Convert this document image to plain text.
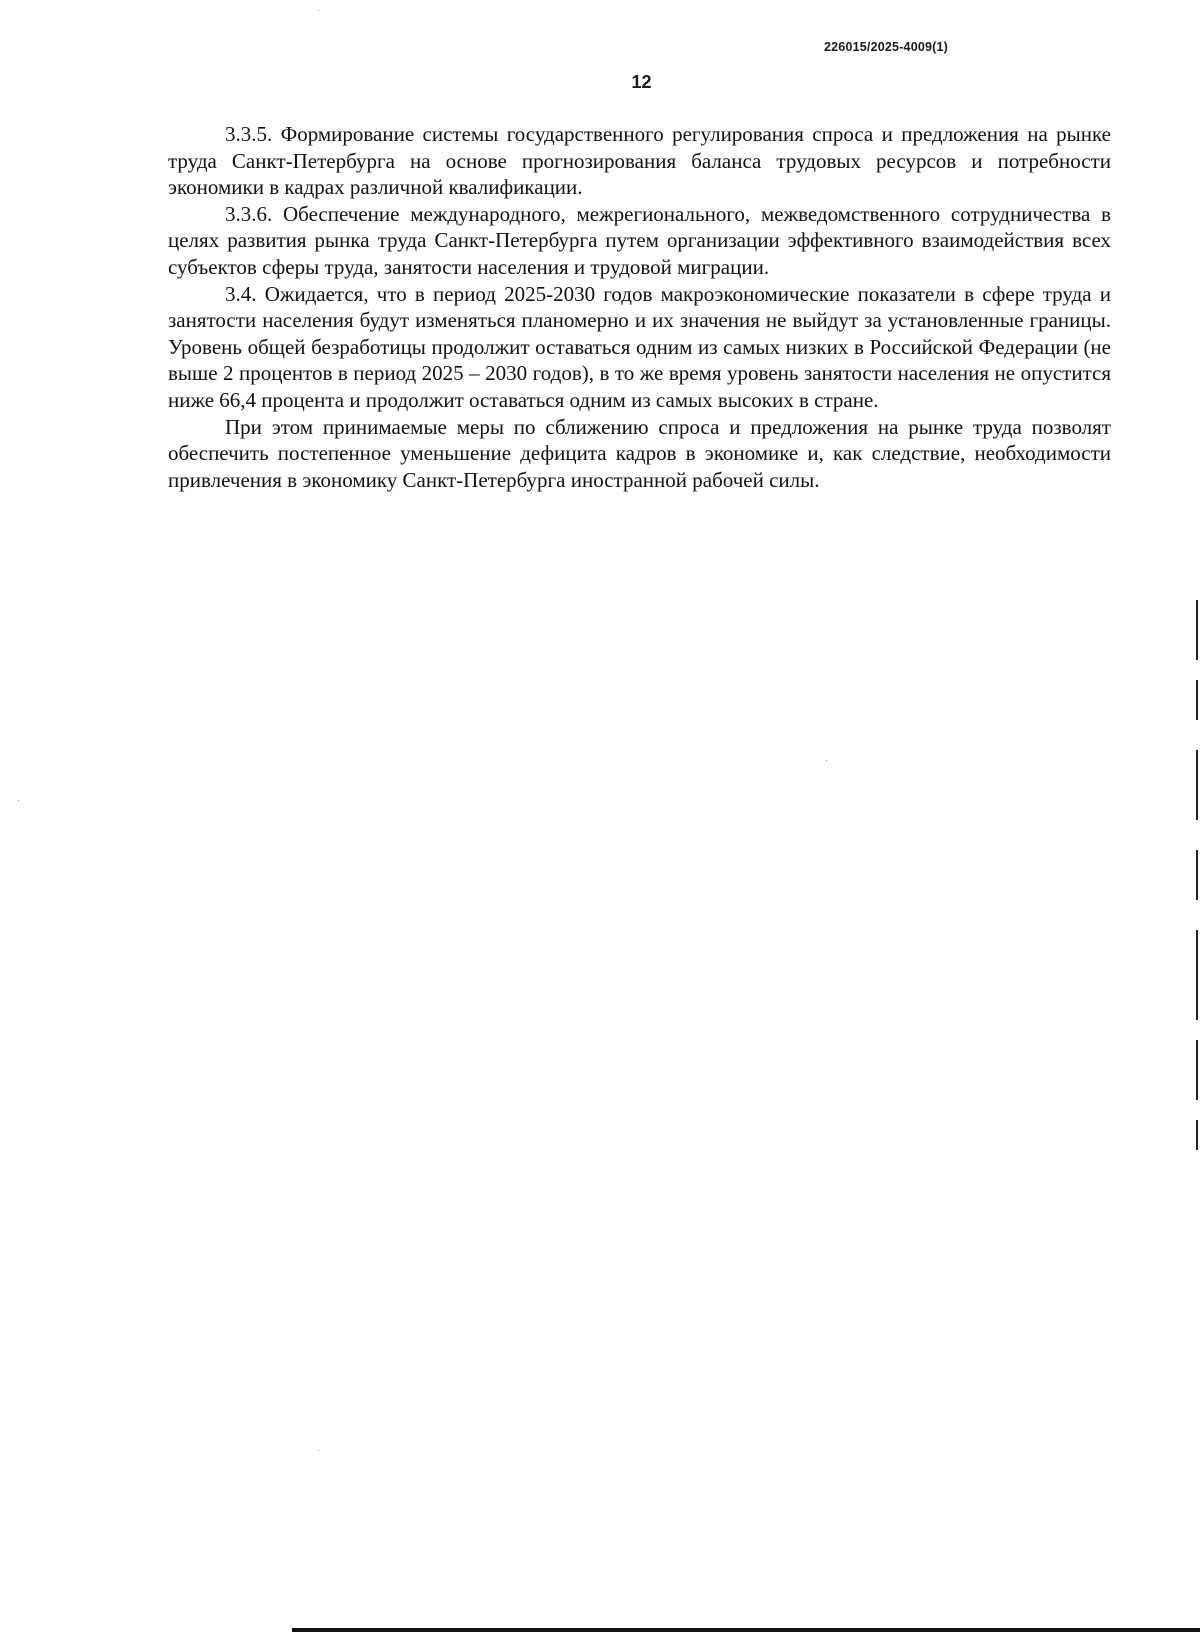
226015/2025-4009(1)
12

3.3.5. Формирование системы государственного регулирования спроса и предложения на рынке труда Санкт-Петербурга на основе прогнозирования баланса трудовых ресурсов и потребности экономики в кадрах различной квалификации.

3.3.6. Обеспечение международного, межрегионального, межведомственного сотрудничества в целях развития рынка труда Санкт-Петербурга путем организации эффективного взаимодействия всех субъектов сферы труда, занятости населения и трудовой миграции.

3.4. Ожидается, что в период 2025-2030 годов макроэкономические показатели в сфере труда и занятости населения будут изменяться планомерно и их значения не выйдут за установленные границы. Уровень общей безработицы продолжит оставаться одним из самых низких в Российской Федерации (не выше 2 процентов в период 2025 – 2030 годов), в то же время уровень занятости населения не опустится ниже 66,4 процента и продолжит оставаться одним из самых высоких в стране.

При этом принимаемые меры по сближению спроса и предложения на рынке труда позволят обеспечить постепенное уменьшение дефицита кадров в экономике и, как следствие, необходимости привлечения в экономику Санкт-Петербурга иностранной рабочей силы.
